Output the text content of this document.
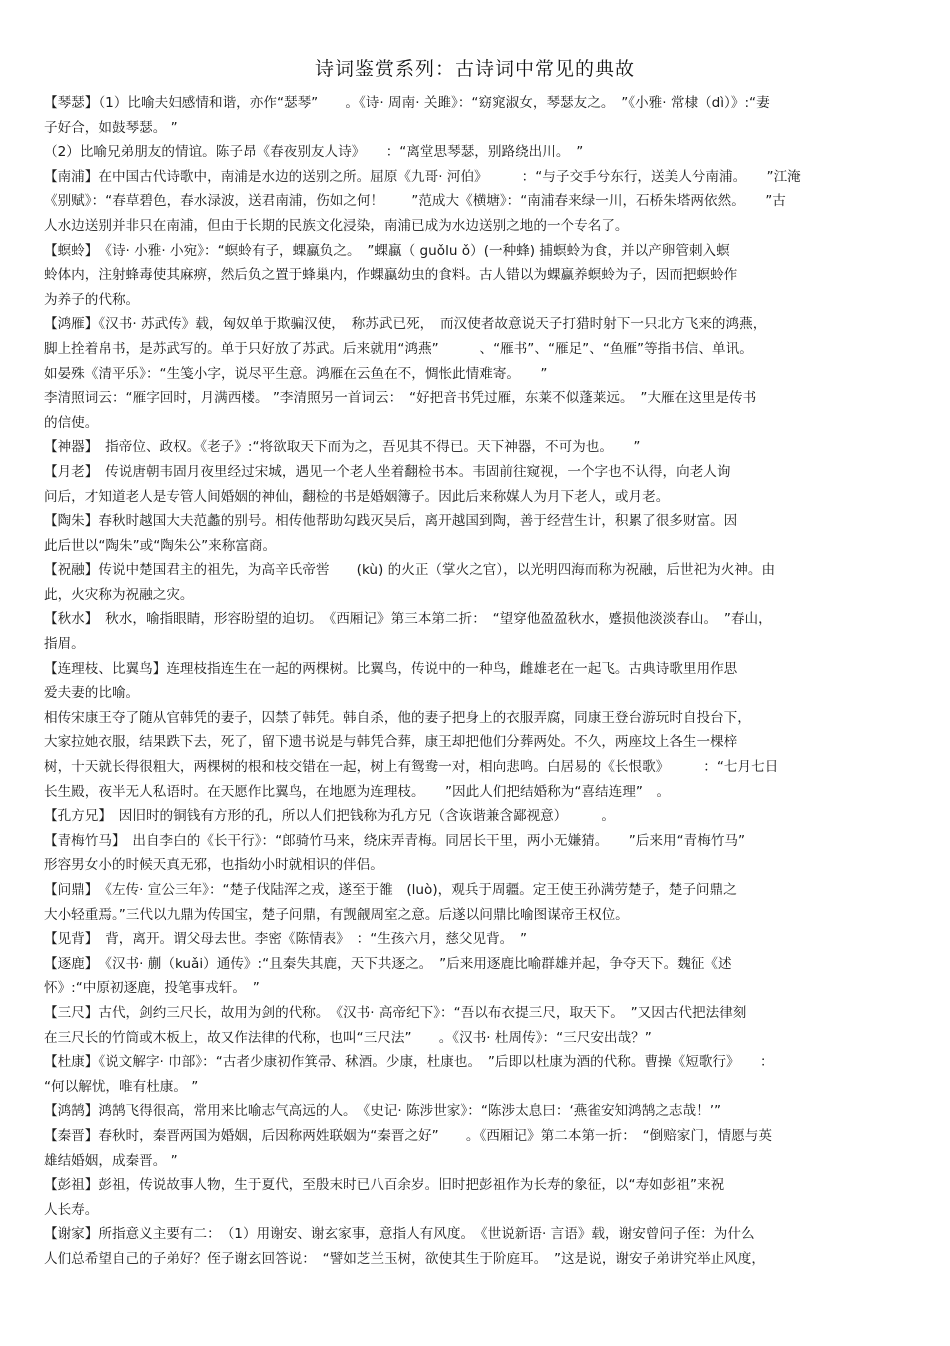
诗词鉴赏系列：古诗词中常见的典故

【琴瑟】（1）比喻夫妇感情和谐，亦作“瑟琴”　　。《诗· 周南· 关雎》：“窈窕淑女，琴瑟友之。　”《小雅· 常棣（dì）》:“妻

子好合，如鼓琴瑟。 ”

（2）比喻兄弟朋友的情谊。陈子昂《春夜别友人诗》　　：“离堂思琴瑟，别路绕出川。　”

【南浦】在中国古代诗歌中，南浦是水边的送别之所。屈原《九哥· 河伯》　　　：“与子交手兮东行，送美人兮南浦。　　”江淹

《别赋》：“春草碧色，春水渌波，送君南浦，伤如之何！　　”范成大《横塘》：“南浦春来绿一川，石桥朱塔两依然。　　”古

人水边送别并非只在南浦，但由于长期的民族文化浸染，南浦已成为水边送别之地的一个专名了。

【螟蛉】　《诗· 小雅· 小宛》：“螟蛉有子，蜾蠃负之。　”蜾蠃（ guǒlu ǒ）(一种蜂) 捕螟蛉为食，并以产卵管刺入螟

蛉体内，注射蜂毒使其麻痹，然后负之置于蜂巢内，作蜾蠃幼虫的食料。古人错以为蜾蠃养螟蛉为子，因而把螟蛉作

为养子的代称。

【鸿雁】《汉书· 苏武传》载，匈奴单于欺骗汉使，　称苏武已死，　而汉使者故意说天子打猎时射下一只北方飞来的鸿燕，

脚上拴着帛书，是苏武写的。单于只好放了苏武。后来就用“鸿燕”　　　、“雁书”、“雁足”、“鱼雁”等指书信、单讯。

如晏殊《清平乐》：“生笺小字，说尽平生意。鸿雁在云鱼在不，惆怅此情难寄。　　”

李清照词云：“雁字回时，月满西楼。 ”李清照另一首词云：　“好把音书凭过雁，东莱不似蓬莱远。　”大雁在这里是传书

的信使。

【神器】　指帝位、政权。《老子》:“将欲取天下而为之，吾见其不得已。天下神器，不可为也。　　”

【月老】　传说唐朝韦固月夜里经过宋城，遇见一个老人坐着翻检书本。韦固前往窥视，一个字也不认得，向老人询

问后，才知道老人是专管人间婚姻的神仙，翻检的书是婚姻簿子。因此后来称媒人为月下老人，或月老。

【陶朱】春秋时越国大夫范蠡的别号。相传他帮助勾践灭吴后，离开越国到陶，善于经营生计，积累了很多财富。因

此后世以“陶朱”或“陶朱公”来称富商。

【祝融】传说中楚国君主的祖先，为高辛氏帝喾　　(kù) 的火正（掌火之官），以光明四海而称为祝融，后世祀为火神。由

此，火灾称为祝融之灾。

【秋水】　秋水，喻指眼睛，形容盼望的迫切。　《西厢记》第三本第二折：　“望穿他盈盈秋水，蹙损他淡淡春山。　”春山，

指眉。

【连理枝、比翼鸟】连理枝指连生在一起的两棵树。比翼鸟，传说中的一种鸟，雌雄老在一起飞。古典诗歌里用作思

爱夫妻的比喻。

相传宋康王夺了随从官韩凭的妻子，囚禁了韩凭。韩自杀，他的妻子把身上的衣服弄腐，同康王登台游玩时自投台下，

大家拉她衣服，结果跌下去，死了，留下遗书说是与韩凭合葬，康王却把他们分葬两处。不久，两座坟上各生一棵梓

树，十天就长得很粗大，两棵树的根和枝交错在一起，树上有鸳鸯一对，相向悲鸣。白居易的《长恨歌》　　　：“七月七日

长生殿，夜半无人私语时。在天愿作比翼鸟，在地愿为连理枝。　　”因此人们把结婚称为“喜结连理”　。

【孔方兄】　因旧时的铜钱有方形的孔，所以人们把钱称为孔方兄（含诙谐兼含鄙视意）　　　。

【青梅竹马】　出自李白的《长干行》：“郎骑竹马来，绕床弄青梅。同居长干里，两小无嫌猜。　　”后来用“青梅竹马”

形容男女小的时候天真无邪，也指幼小时就相识的伴侣。

【问鼎】　《左传· 宣公三年》：“楚子伐陆浑之戎，遂至于雒　(luò)，观兵于周疆。定王使王孙满劳楚子，楚子问鼎之

大小轻重焉。”三代以九鼎为传国宝，楚子问鼎，有觊觎周室之意。后遂以问鼎比喻图谋帝王权位。

【见背】　背，离开。谓父母去世。李密《陈情表》　：“生孩六月，慈父见背。　”

【逐鹿】　《汉书· 蒯（kuǎi）通传》:“且秦失其鹿，天下共逐之。　”后来用逐鹿比喻群雄并起，争夺天下。魏征《述

怀》:“中原初逐鹿，投笔事戎轩。　”

【三尺】古代，剑约三尺长，故用为剑的代称。　《汉书· 高帝纪下》：“吾以布衣提三尺，取天下。　”又因古代把法律刻

在三尺长的竹筒或木板上，故又作法律的代称，也叫“三尺法”　　。《汉书· 杜周传》：“三尺安出哉？”

【杜康】《说文解字· 巾部》：“古者少康初作箕帚、秫酒。少康，杜康也。　”后即以杜康为酒的代称。曹操《短歌行》　　：

“何以解忧，唯有杜康。 ”

【鸿鹄】鸿鹄飞得很高，常用来比喻志气高远的人。　《史记· 陈涉世家》：“陈涉太息曰：‘燕雀安知鸿鹄之志哉！’”

【秦晋】春秋时，秦晋两国为婚姻，后因称两姓联姻为“秦晋之好”　　。《西厢记》第二本第一折：　“倒赔家门，情愿与英

雄结婚姻，成秦晋。 ”

【彭祖】彭祖，传说故事人物，生于夏代，至殷末时已八百余岁。旧时把彭祖作为长寿的象征，以“寿如彭祖”来祝

人长寿。

【谢家】所指意义主要有二：　（1）用谢安、谢玄家事，意指人有风度。　《世说新语· 言语》载，谢安曾问子侄：为什么

人们总希望自己的子弟好？侄子谢玄回答说：　“譬如芝兰玉树，欲使其生于阶庭耳。　”这是说，谢安子弟讲究举止风度，
